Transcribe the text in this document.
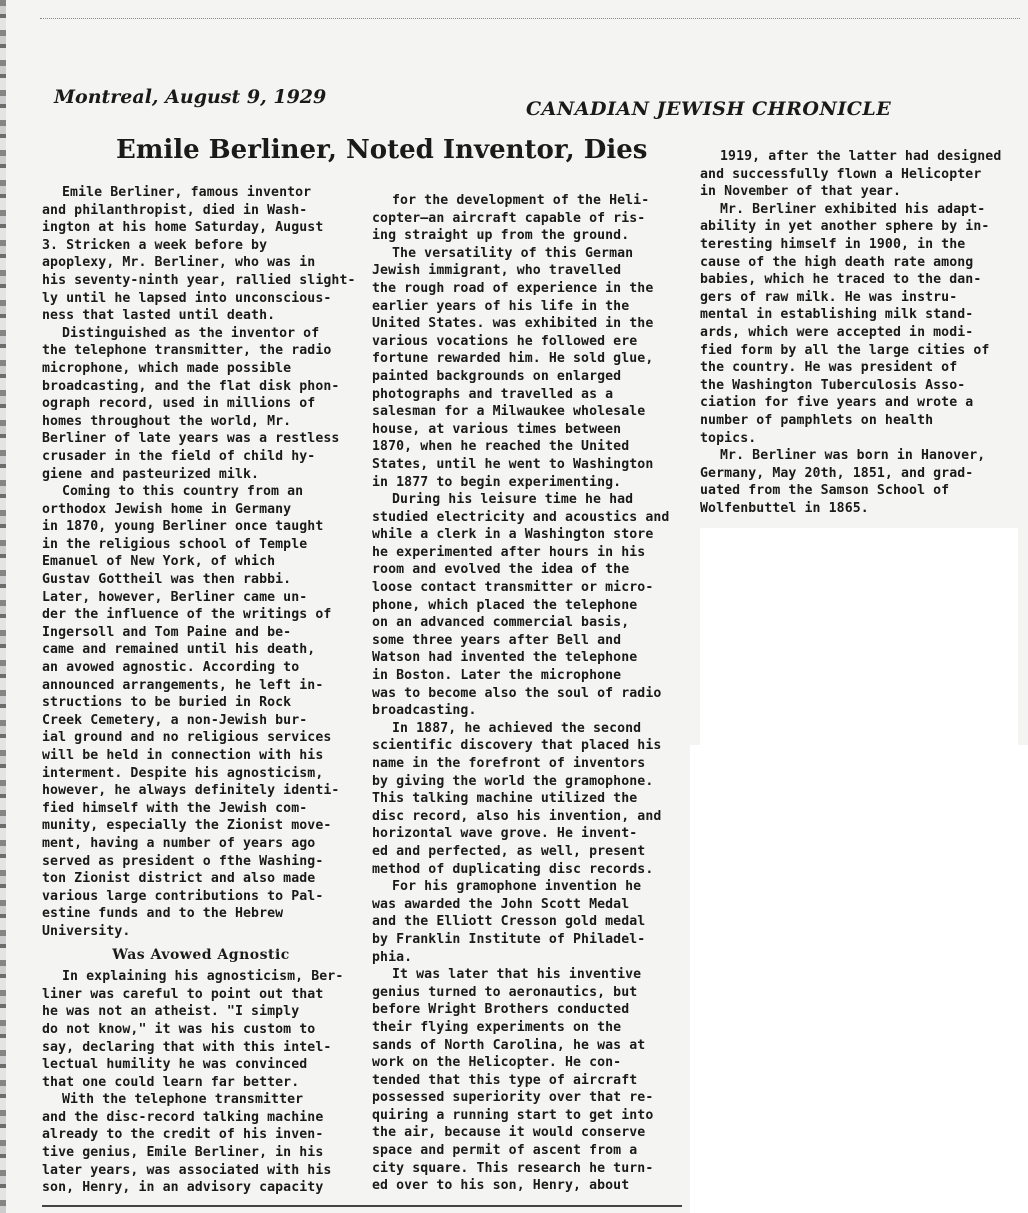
Montreal, August 9, 1929
CANADIAN JEWISH CHRONICLE
Emile Berliner, Noted Inventor, Dies

Emile Berliner, famous inventor
and philanthropist, died in Wash-
ington at his home Saturday, August
3. Stricken a week before by
apoplexy, Mr. Berliner, who was in
his seventy-ninth year, rallied slight-
ly until he lapsed into unconscious-
ness that lasted until death.

Distinguished as the inventor of
the telephone transmitter, the radio
microphone, which made possible
broadcasting, and the flat disk phon-
ograph record, used in millions of
homes throughout the world, Mr.
Berliner of late years was a restless
crusader in the field of child hy-
giene and pasteurized milk.

Coming to this country from an
orthodox Jewish home in Germany
in 1870, young Berliner once taught
in the religious school of Temple
Emanuel of New York, of which
Gustav Gottheil was then rabbi.
Later, however, Berliner came un-
der the influence of the writings of
Ingersoll and Tom Paine and be-
came and remained until his death,
an avowed agnostic. According to
announced arrangements, he left in-
structions to be buried in Rock
Creek Cemetery, a non-Jewish bur-
ial ground and no religious services
will be held in connection with his
interment. Despite his agnosticism,
however, he always definitely identi-
fied himself with the Jewish com-
munity, especially the Zionist move-
ment, having a number of years ago
served as president o fthe Washing-
ton Zionist district and also made
various large contributions to Pal-
estine funds and to the Hebrew
University.

Was Avowed Agnostic

In explaining his agnosticism, Ber-
liner was careful to point out that
he was not an atheist. "I simply
do not know," it was his custom to
say, declaring that with this intel-
lectual humility he was convinced
that one could learn far better.

With the telephone transmitter
and the disc-record talking machine
already to the credit of his inven-
tive genius, Emile Berliner, in his
later years, was associated with his
son, Henry, in an advisory capacity

for the development of the Heli-
copter—an aircraft capable of ris-
ing straight up from the ground.

The versatility of this German
Jewish immigrant, who travelled
the rough road of experience in the
earlier years of his life in the
United States. was exhibited in the
various vocations he followed ere
fortune rewarded him. He sold glue,
painted backgrounds on enlarged
photographs and travelled as a
salesman for a Milwaukee wholesale
house, at various times between
1870, when he reached the United
States, until he went to Washington
in 1877 to begin experimenting.

During his leisure time he had
studied electricity and acoustics and
while a clerk in a Washington store
he experimented after hours in his
room and evolved the idea of the
loose contact transmitter or micro-
phone, which placed the telephone
on an advanced commercial basis,
some three years after Bell and
Watson had invented the telephone
in Boston. Later the microphone
was to become also the soul of radio
broadcasting.

In 1887, he achieved the second
scientific discovery that placed his
name in the forefront of inventors
by giving the world the gramophone.
This talking machine utilized the
disc record, also his invention, and
horizontal wave grove. He invent-
ed and perfected, as well, present
method of duplicating disc records.

For his gramophone invention he
was awarded the John Scott Medal
and the Elliott Cresson gold medal
by Franklin Institute of Philadel-
phia.

It was later that his inventive
genius turned to aeronautics, but
before Wright Brothers conducted
their flying experiments on the
sands of North Carolina, he was at
work on the Helicopter. He con-
tended that this type of aircraft
possessed superiority over that re-
quiring a running start to get into
the air, because it would conserve
space and permit of ascent from a
city square. This research he turn-
ed over to his son, Henry, about

1919, after the latter had designed
and successfully flown a Helicopter
in November of that year.

Mr. Berliner exhibited his adapt-
ability in yet another sphere by in-
teresting himself in 1900, in the
cause of the high death rate among
babies, which he traced to the dan-
gers of raw milk. He was instru-
mental in establishing milk stand-
ards, which were accepted in modi-
fied form by all the large cities of
the country. He was president of
the Washington Tuberculosis Asso-
ciation for five years and wrote a
number of pamphlets on health
topics.

Mr. Berliner was born in Hanover,
Germany, May 20th, 1851, and grad-
uated from the Samson School of
Wolfenbuttel in 1865.
